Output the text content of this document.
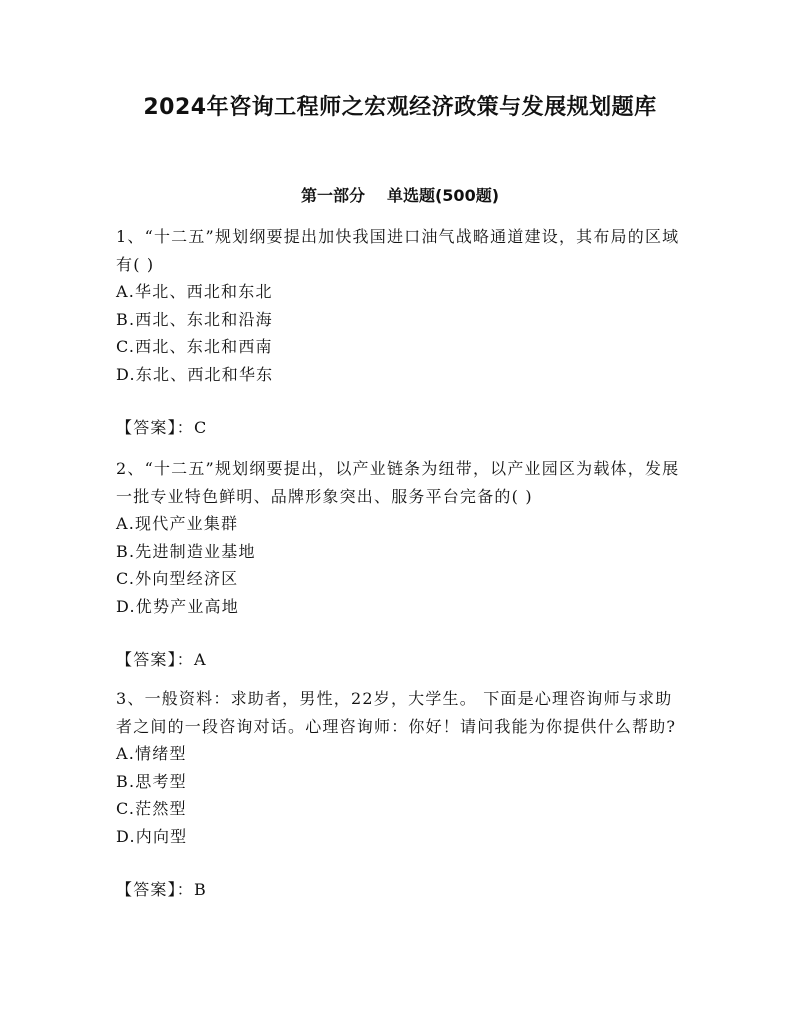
2024年咨询工程师之宏观经济政策与发展规划题库
第一部分 单选题(500题)

1、“十二五”规划纲要提出加快我国进口油气战略通道建设，其布局的区域有( )

A.华北、西北和东北
B.西北、东北和沿海
C.西北、东北和西南
D.东北、西北和华东
【答案】：C

2、“十二五”规划纲要提出，以产业链条为纽带，以产业园区为载体，发展一批专业特色鲜明、品牌形象突出、服务平台完备的( )

A.现代产业集群
B.先进制造业基地
C.外向型经济区
D.优势产业高地
【答案】：A

3、一般资料：求助者，男性，22岁，大学生。 下面是心理咨询师与求助者之间的一段咨询对话。心理咨询师：你好！请问我能为你提供什么帮助?

A.情绪型
B.思考型
C.茫然型
D.内向型
【答案】：B
